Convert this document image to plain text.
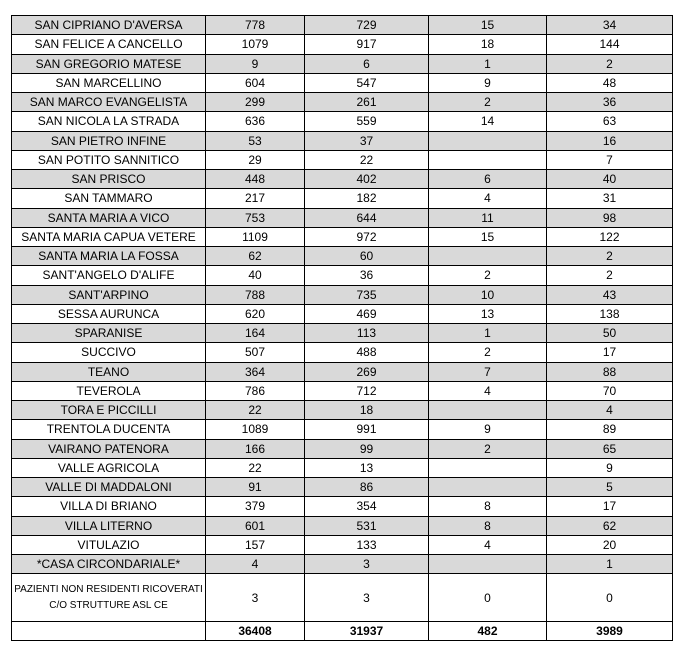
SAN CIPRIANO D'AVERSA	778	729	15	34
SAN FELICE A CANCELLO	1079	917	18	144
SAN GREGORIO MATESE	9	6	1	2
SAN MARCELLINO	604	547	9	48
SAN MARCO EVANGELISTA	299	261	2	36
SAN NICOLA LA STRADA	636	559	14	63
SAN PIETRO INFINE	53	37		16
SAN POTITO SANNITICO	29	22		7
SAN PRISCO	448	402	6	40
SAN TAMMARO	217	182	4	31
SANTA MARIA A VICO	753	644	11	98
SANTA MARIA CAPUA VETERE	1109	972	15	122
SANTA MARIA LA FOSSA	62	60		2
SANT'ANGELO D'ALIFE	40	36	2	2
SANT'ARPINO	788	735	10	43
SESSA AURUNCA	620	469	13	138
SPARANISE	164	113	1	50
SUCCIVO	507	488	2	17
TEANO	364	269	7	88
TEVEROLA	786	712	4	70
TORA E PICCILLI	22	18		4
TRENTOLA DUCENTA	1089	991	9	89
VAIRANO PATENORA	166	99	2	65
VALLE AGRICOLA	22	13		9
VALLE DI MADDALONI	91	86		5
VILLA DI BRIANO	379	354	8	17
VILLA LITERNO	601	531	8	62
VITULAZIO	157	133	4	20
*CASA CIRCONDARIALE*	4	3		1
PAZIENTI NON RESIDENTI RICOVERATI C/O STRUTTURE ASL CE	3	3	0	0
	36408	31937	482	3989
